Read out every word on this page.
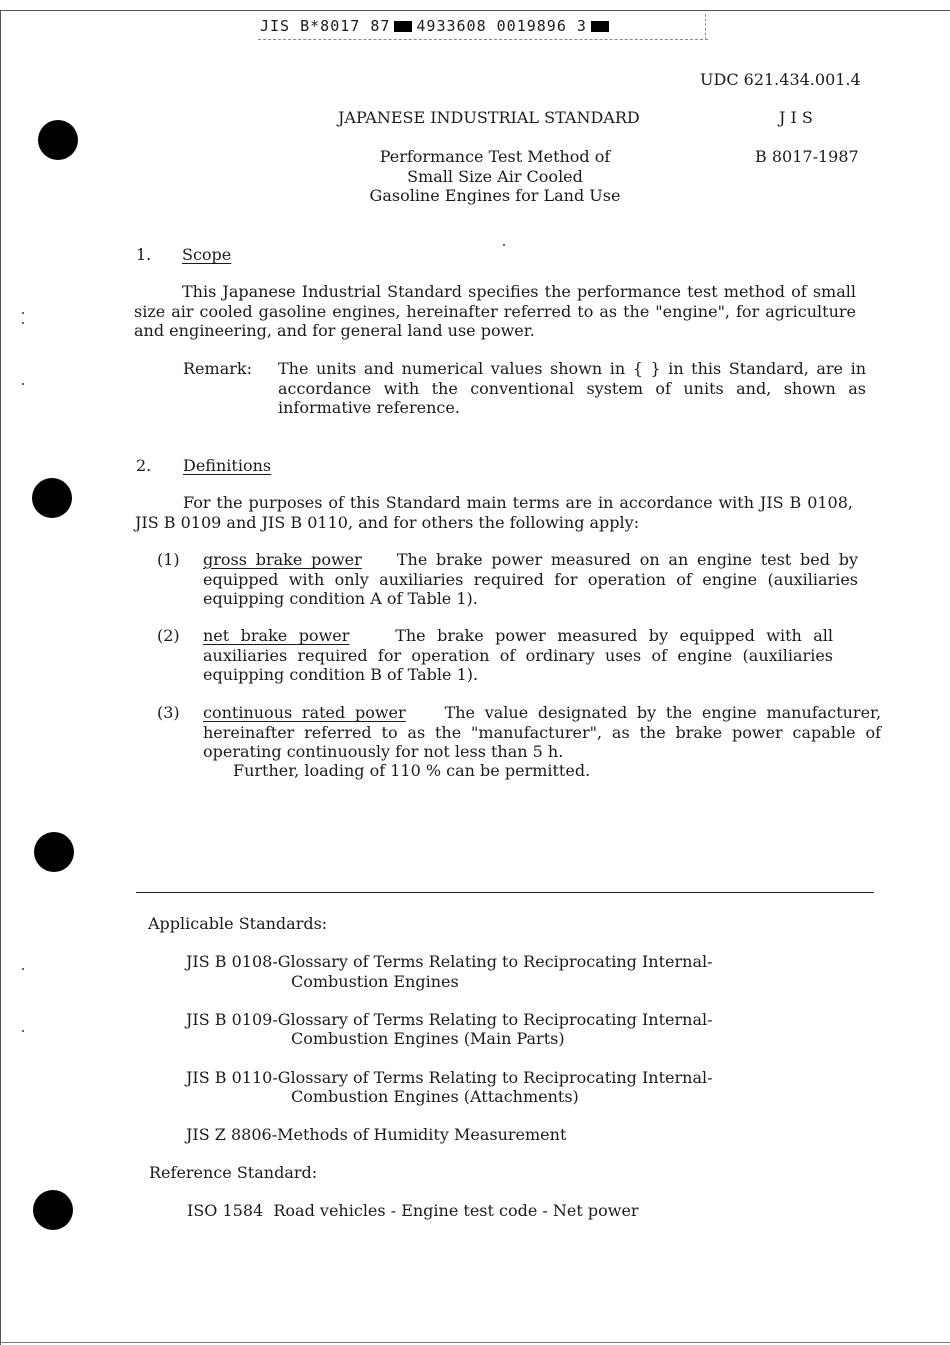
JIS B*8017 87 4933608 0019896 3
UDC 621.434.001.4
JAPANESE INDUSTRIAL STANDARD	J I S
B 8017-1987
Performance Test Method of
Small Size Air Cooled
Gasoline Engines for Land Use
1. Scope
This Japanese Industrial Standard specifies the performance test method of small size air cooled gasoline engines, hereinafter referred to as the "engine", for agriculture and engineering, and for general land use power.
Remark: The units and numerical values shown in { } in this Standard, are in accordance with the conventional system of units and, shown as informative reference.
2. Definitions
For the purposes of this Standard main terms are in accordance with JIS B 0108, JIS B 0109 and JIS B 0110, and for others the following apply:
(1) gross brake power The brake power measured on an engine test bed by equipped with only auxiliaries required for operation of engine (auxiliaries equipping condition A of Table 1).
(2) net brake power	The brake power measured by equipped with all auxiliaries required for operation of ordinary uses of engine (auxiliaries equipping condition B of Table 1).
(3) continuous rated power The value designated by the engine manufacturer, hereinafter referred to as the "manufacturer", as the brake power capable of operating continuously for not less than 5 h.
Further, loading of 110 % can be permitted.
Applicable Standards:
JIS B 0108-Glossary of Terms Relating to Reciprocating Internal-
Combustion Engines
JIS B 0109-Glossary of Terms Relating to Reciprocating Internal-
Combustion Engines (Main Parts)
JIS B 0110-Glossary of Terms Relating to Reciprocating Internal-
Combustion Engines (Attachments)
JIS Z 8806-Methods of Humidity Measurement
Reference Standard:
ISO 1584  Road vehicles - Engine test code - Net power
